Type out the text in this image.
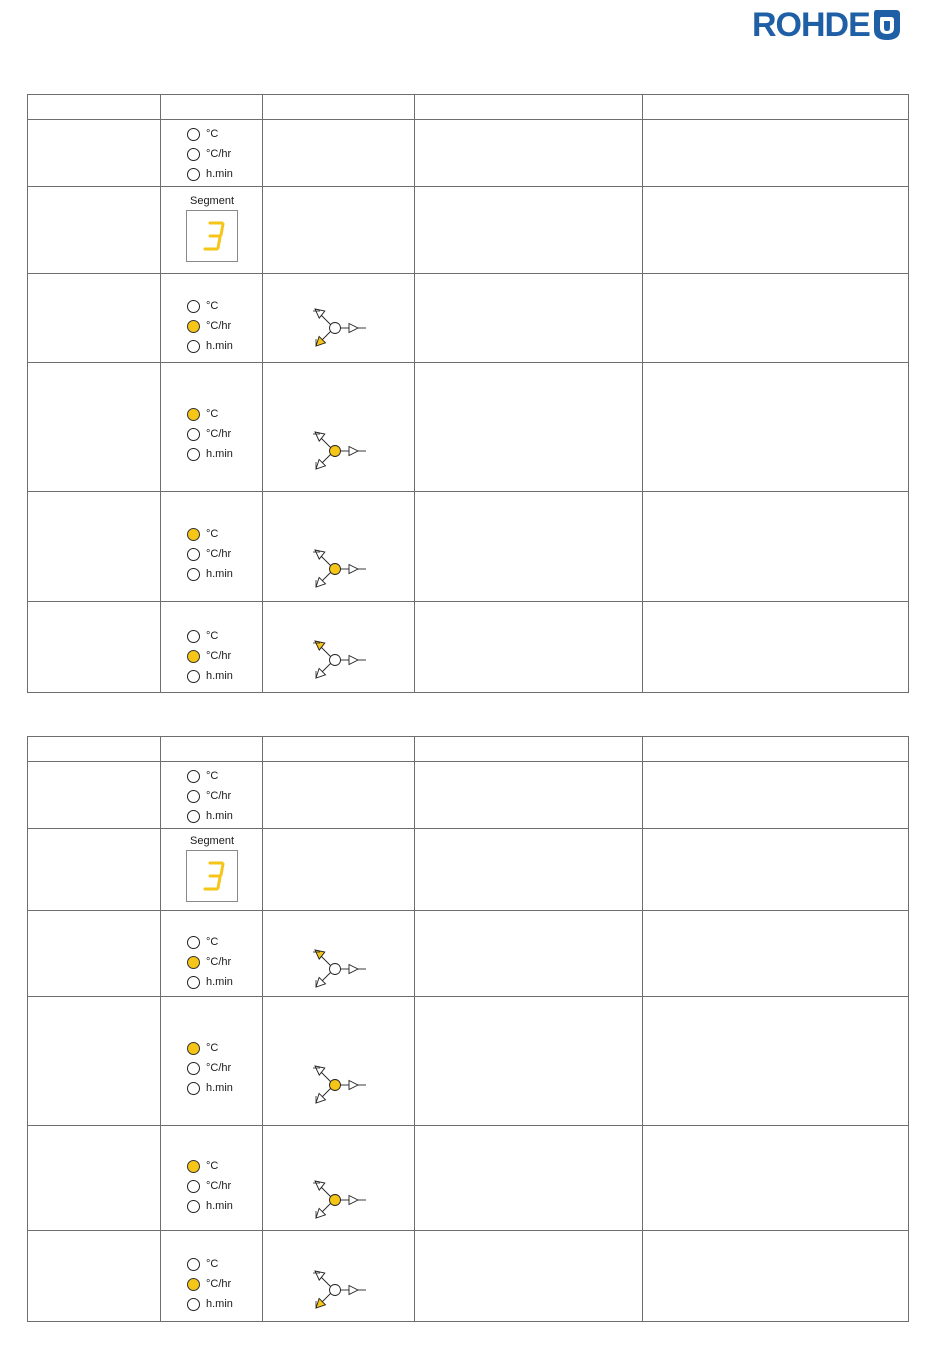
ROHDE

	°C
°C/hr
h.min			

	Segment			

	°C
°C/hr
h.min

	°C
°C/hr
h.min

	°C
°C/hr
h.min

	°C
°C/hr
h.min

	°C
°C/hr
h.min			

	Segment			

	°C
°C/hr
h.min

	°C
°C/hr
h.min

	°C
°C/hr
h.min

	°C
°C/hr
h.min
